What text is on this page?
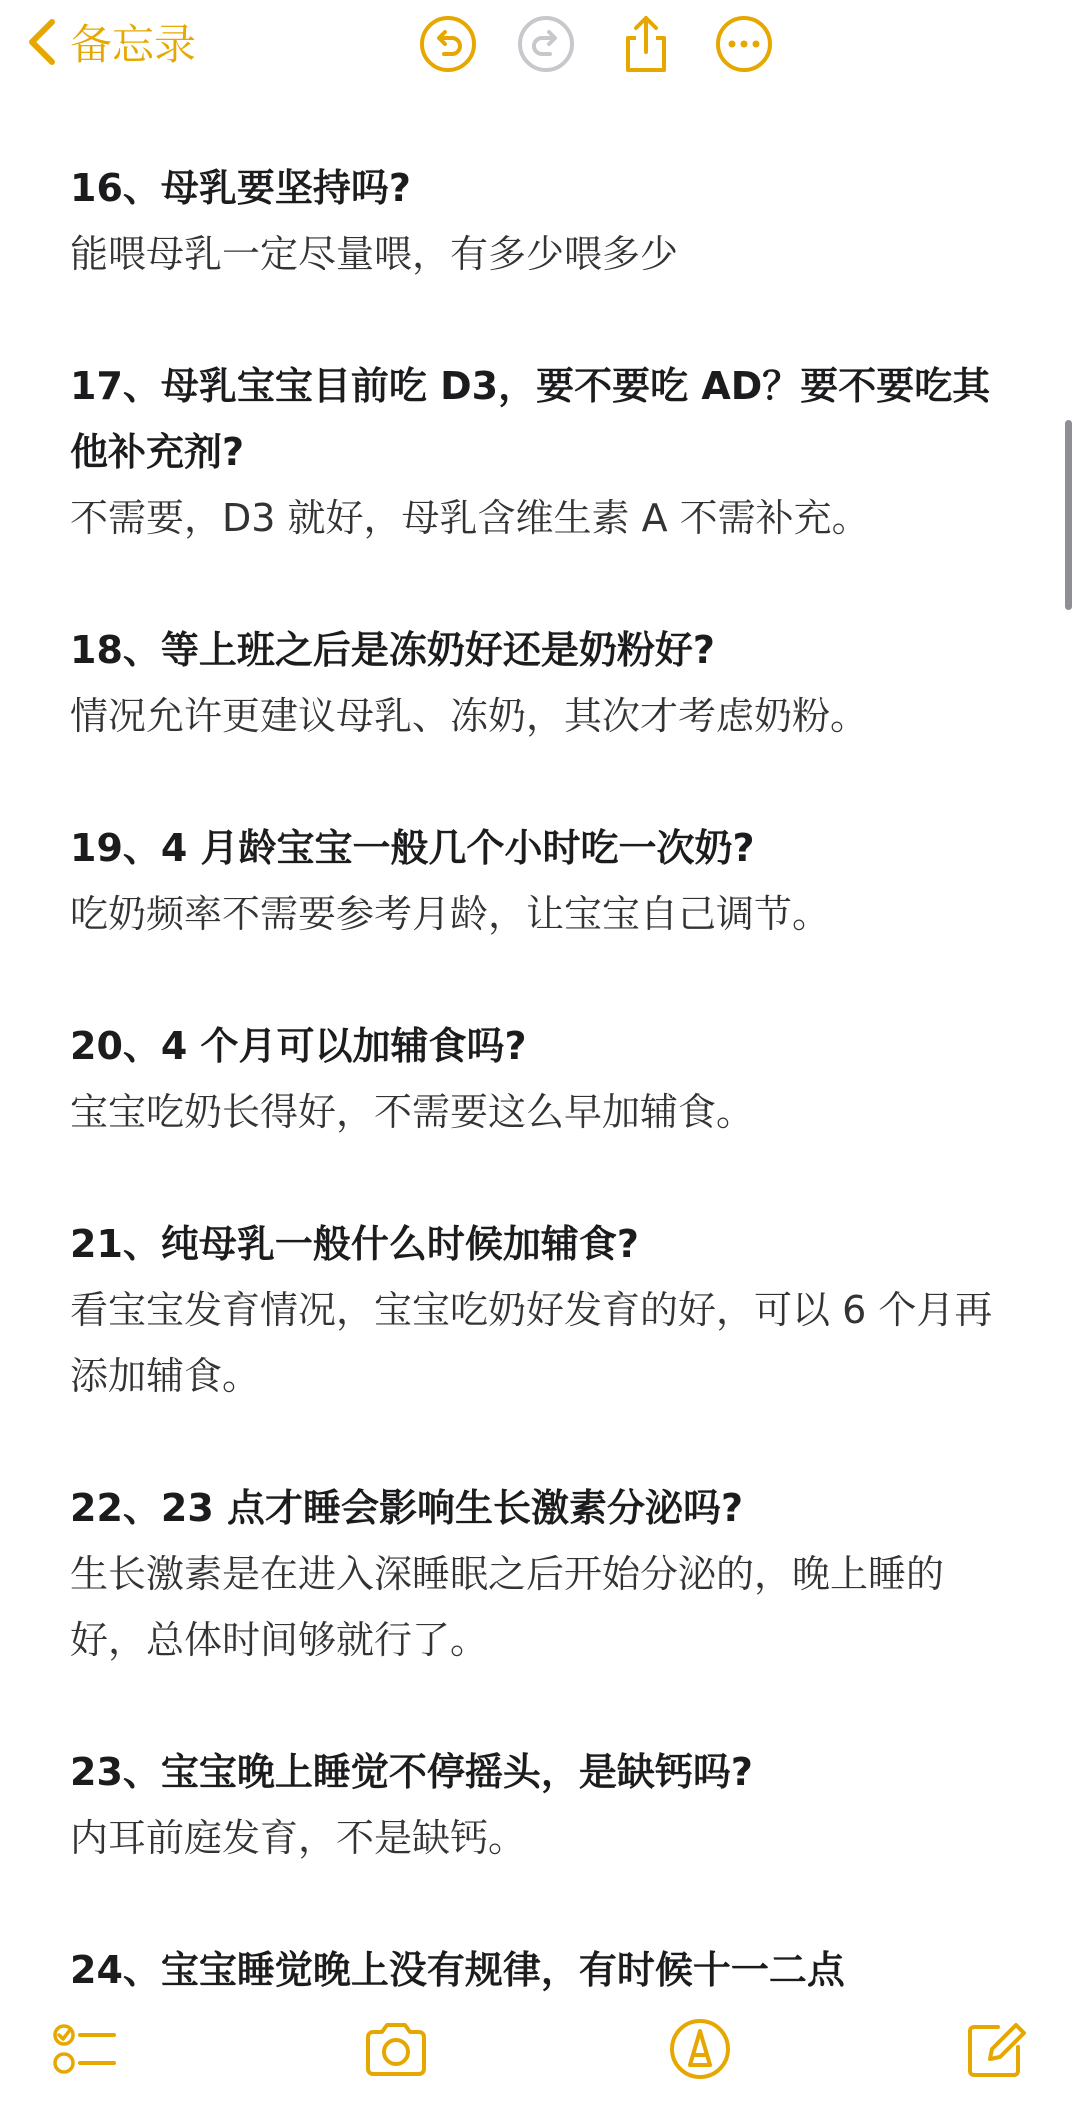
备忘录

16、母乳要坚持吗?

能喂母乳一定尽量喂，有多少喂多少

17、母乳宝宝目前吃 D3，要不要吃 AD？要不要吃其他补充剂?

不需要，D3 就好，母乳含维生素 A 不需补充。

18、等上班之后是冻奶好还是奶粉好?

情况允许更建议母乳、冻奶，其次才考虑奶粉。

19、4 月龄宝宝一般几个小时吃一次奶?

吃奶频率不需要参考月龄，让宝宝自己调节。

20、4 个月可以加辅食吗?

宝宝吃奶长得好，不需要这么早加辅食。

21、纯母乳一般什么时候加辅食?

看宝宝发育情况，宝宝吃奶好发育的好，可以 6 个月再添加辅食。

22、23 点才睡会影响生长激素分泌吗?

生长激素是在进入深睡眠之后开始分泌的，晚上睡的好，总体时间够就行了。

23、宝宝晚上睡觉不停摇头，是缺钙吗?

内耳前庭发育，不是缺钙。

24、宝宝睡觉晚上没有规律，有时候十一二点
